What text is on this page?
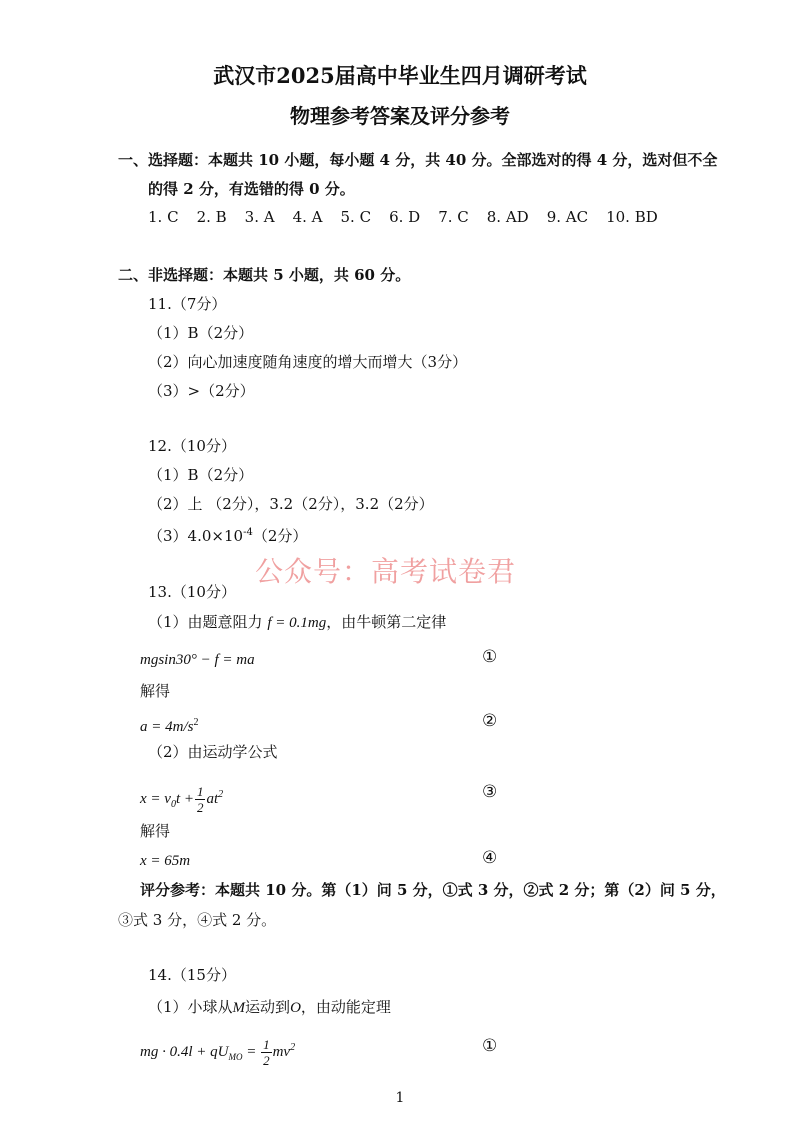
武汉市2025届高中毕业生四月调研考试
物理参考答案及评分参考
一、选择题：本题共 10 小题，每小题 4 分，共 40 分。全部选对的得 4 分，选对但不全
的得 2 分，有选错的得 0 分。
1. C 2. B 3. A 4. A 5. C 6. D 7. C 8. AD 9. AC 10. BD
二、非选择题：本题共 5 小题，共 60 分。
11.（7分）
（1）B（2分）
（2）向心加速度随角速度的增大而增大（3分）
（3）>（2分）
12.（10分）
（1）B（2分）
（2）上 （2分），3.2（2分），3.2（2分）
$(3)4.0\times 10^{-4}(2$分）
公众号：高考试卷君
13.（10分）
（1）由题意阻力 f = 0.1mg，由牛顿第二定律
mgsin30° − f = ma	①
解得
$a = 4m/s^2$	②
（2）由运动学公式
$x = v_0t + \frac{1}{2} at^2$	③
解得
x = 65m	④
评分参考：本题共 10 分。第（1）问 5 分，①式 3 分，②式 2 分；第（2）问 5 分，
③式 3 分，④式 2 分。
14.（15分）
（1）小球从M运动到O，由动能定理
mg · $0.4l + qU_{MO} = \frac{1}{2} mv^2$	①
1
